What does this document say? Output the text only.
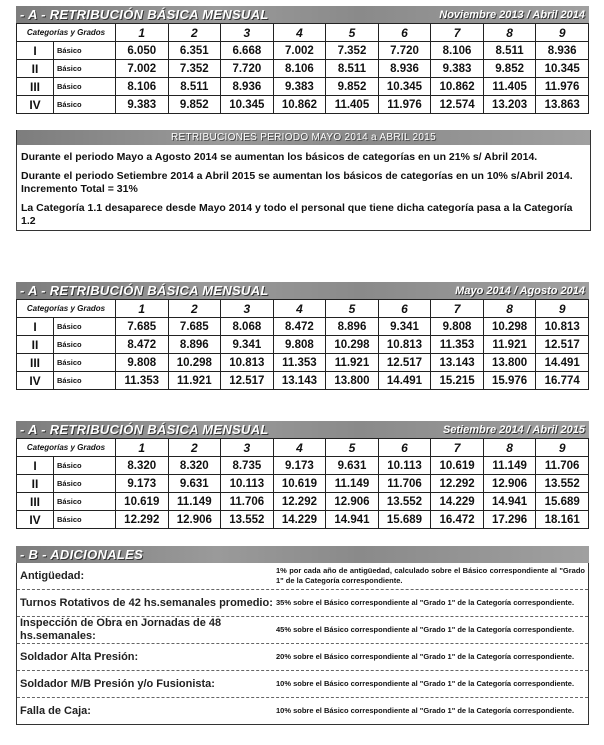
- A - RETRIBUCIÓN BÁSICA MENSUAL	Noviembre 2013 / Abril 2014
Categorías y Grados		1	2	3	4	5	6	7	8	9
I	Básico	6.050	6.351	6.668	7.002	7.352	7.720	8.106	8.511	8.936
II	Básico	7.002	7.352	7.720	8.106	8.511	8.936	9.383	9.852	10.345
III	Básico	8.106	8.511	8.936	9.383	9.852	10.345	10.862	11.405	11.976
IV	Básico	9.383	9.852	10.345	10.862	11.405	11.976	12.574	13.203	13.863
- A - RETRIBUCIÓN BÁSICA MENSUAL	Mayo 2014 / Agosto 2014
Categorías y Grados		1	2	3	4	5	6	7	8	9
I	Básico	7.685	7.685	8.068	8.472	8.896	9.341	9.808	10.298	10.813
II	Básico	8.472	8.896	9.341	9.808	10.298	10.813	11.353	11.921	12.517
III	Básico	9.808	10.298	10.813	11.353	11.921	12.517	13.143	13.800	14.491
IV	Básico	11.353	11.921	12.517	13.143	13.800	14.491	15.215	15.976	16.774
- A - RETRIBUCIÓN BÁSICA MENSUAL	Setiembre 2014 / Abril 2015
Categorías y Grados		1	2	3	4	5	6	7	8	9
I	Básico	8.320	8.320	8.735	9.173	9.631	10.113	10.619	11.149	11.706
II	Básico	9.173	9.631	10.113	10.619	11.149	11.706	12.292	12.906	13.552
III	Básico	10.619	11.149	11.706	12.292	12.906	13.552	14.229	14.941	15.689
IV	Básico	12.292	12.906	13.552	14.229	14.941	15.689	16.472	17.296	18.161
RETRIBUCIONES PERIODO MAYO 2014 a ABRIL 2015

Durante el periodo Mayo a Agosto 2014 se aumentan los básicos de categorías en un 21% s/ Abril 2014.

Durante el periodo Setiembre 2014 a Abril 2015 se aumentan los básicos de categorías en un 10% s/Abril 2014. Incremento Total = 31%

La Categoría 1.1 desaparece desde Mayo 2014 y todo el personal que tiene dicha categoría pasa a la Categoría 1.2

- B - ADICIONALES
Antigüedad:	1% por cada año de antigüedad, calculado sobre el Básico correspondiente al "Grado 1" de la Categoría correspondiente.
Turnos Rotativos de 42 hs.semanales promedio: 35% sobre el Básico correspondiente al "Grado 1" de la Categoría correspondiente.
Inspección de Obra en Jornadas de 48 hs.semanales:
45% sobre el Básico correspondiente al "Grado 1" de la Categoría correspondiente.
Soldador Alta Presión:	20% sobre el Básico correspondiente al "Grado 1" de la Categoría correspondiente.
Soldador M/B Presión y/o Fusionista:	10% sobre el Básico correspondiente al "Grado 1" de la Categoría correspondiente.
Falla de Caja:	10% sobre el Básico correspondiente al "Grado 1" de la Categoría correspondiente.
